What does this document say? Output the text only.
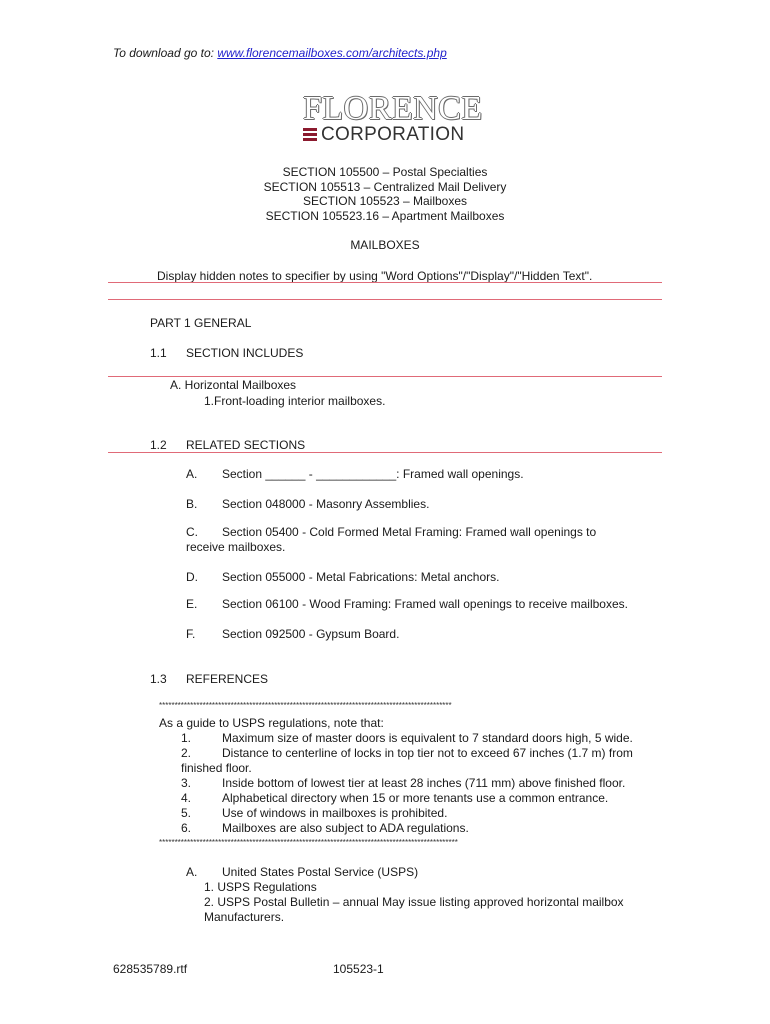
To download go to: www.florencemailboxes.com/architects.php
FLORENCE
CORPORATION
SECTION 105500 – Postal Specialties
SECTION 105513 – Centralized Mail Delivery
SECTION 105523 – Mailboxes
SECTION 105523.16 – Apartment Mailboxes
MAILBOXES
Display hidden notes to specifier by using "Word Options"/"Display"/"Hidden Text".
PART 1 GENERAL
1.1 SECTION INCLUDES
A. Horizontal Mailboxes
1.Front-loading interior mailboxes.
1.2 RELATED SECTIONS
A. Section ______ - ____________: Framed wall openings.
B. Section 048000 - Masonry Assemblies.
C. Section 05400 - Cold Formed Metal Framing: Framed wall openings to receive mailboxes.
D. Section 055000 - Metal Fabrications: Metal anchors.
E. Section 06100 - Wood Framing: Framed wall openings to receive mailboxes.
F. Section 092500 - Gypsum Board.
1.3 REFERENCES
**********************************************************************************************
As a guide to USPS regulations, note that:
1.	Maximum size of master doors is equivalent to 7 standard doors high, 5 wide.
2.	Distance to centerline of locks in top tier not to exceed 67 inches (1.7 m) from finished floor.
3.	Inside bottom of lowest tier at least 28 inches (711 mm) above finished floor.
4.	Alphabetical directory when 15 or more tenants use a common entrance.
5.	Use of windows in mailboxes is prohibited.
6.	Mailboxes are also subject to ADA regulations.
************************************************************************************************
A. United States Postal Service (USPS)
1. USPS Regulations
2. USPS Postal Bulletin – annual May issue listing approved horizontal mailbox Manufacturers.
628535789.rtf	105523-1
